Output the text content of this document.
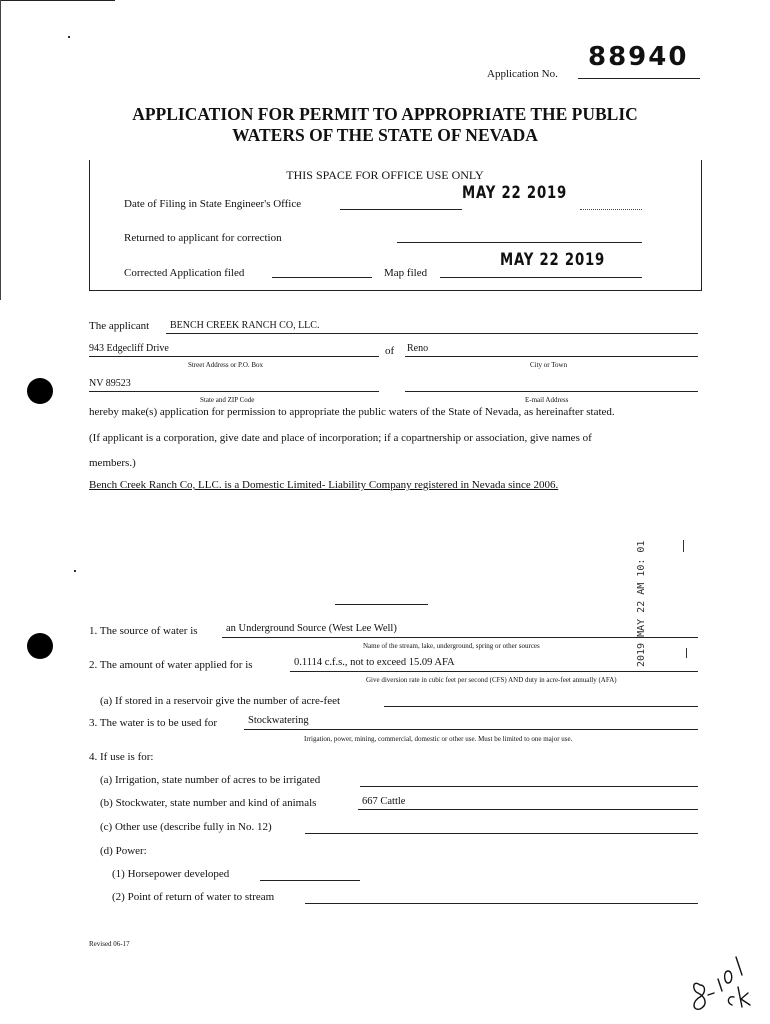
88940
Application No.
APPLICATION FOR PERMIT TO APPROPRIATE THE PUBLIC
WATERS OF THE STATE OF NEVADA
THIS SPACE FOR OFFICE USE ONLY
Date of Filing in State Engineer's Office
MAY 22 2019
Returned to applicant for correction
Corrected Application filed	Map filed
MAY 22 2019
The applicant BENCH CREEK RANCH CO, LLC.
943 Edgecliff Drive	of Reno
Street Address or P.O. Box	City or Town
NV 89523
State and ZIP Code	E-mail Address
hereby make(s) application for permission to appropriate the public waters of the State of Nevada, as hereinafter stated.
(If applicant is a corporation, give date and place of incorporation; if a copartnership or association, give names of
members.)
Bench Creek Ranch Co, LLC. is a Domestic Limited- Liability Company registered in Nevada since 2006.
2019 MAY 22 AM 10: 01
1. The source of water is	an Underground Source (West Lee Well)
Name of the stream, lake, underground, spring or other sources
2. The amount of water applied for is	0.1114 c.f.s., not to exceed 15.09 AFA
Give diversion rate in cubic feet per second (CFS) AND duty in acre-feet annually (AFA)
(a) If stored in a reservoir give the number of acre-feet
3. The water is to be used for	Stockwatering
Irrigation, power, mining, commercial, domestic or other use. Must be limited to one major use.
4. If use is for:
(a) Irrigation, state number of acres to be irrigated
(b) Stockwater, state number and kind of animals	667 Cattle
(c) Other use (describe fully in No. 12)
(d) Power:
(1) Horsepower developed
(2) Point of return of water to stream
Revised 06-17
